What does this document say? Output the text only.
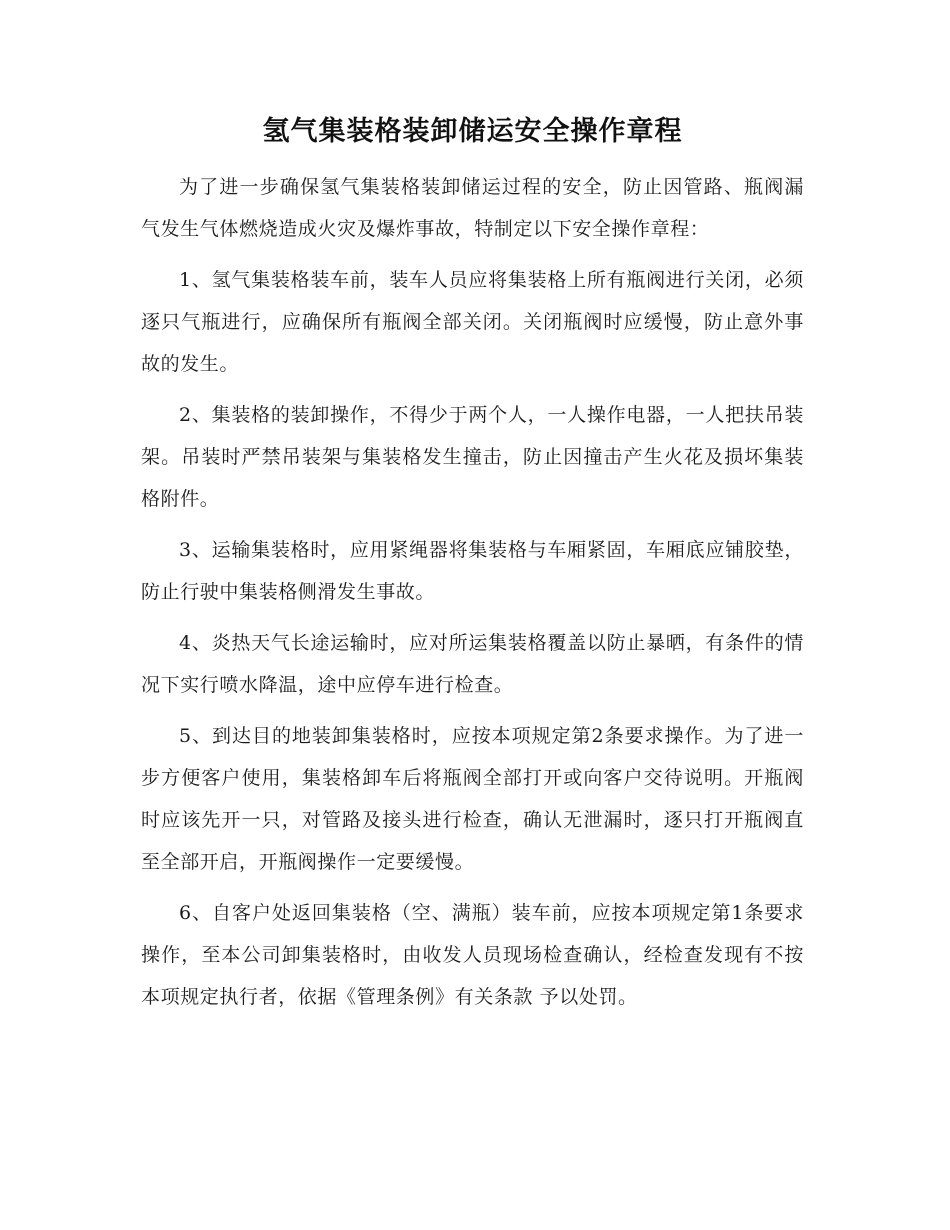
氢气集装格装卸储运安全操作章程

为了进一步确保氢气集装格装卸储运过程的安全，防止因管路、瓶阀漏气发生气体燃烧造成火灾及爆炸事故，特制定以下安全操作章程：

1、氢气集装格装车前，装车人员应将集装格上所有瓶阀进行关闭，必须逐只气瓶进行，应确保所有瓶阀全部关闭。关闭瓶阀时应缓慢，防止意外事故的发生。

2、集装格的装卸操作，不得少于两个人，一人操作电器，一人把扶吊装架。吊装时严禁吊装架与集装格发生撞击，防止因撞击产生火花及损坏集装格附件。

3、运输集装格时，应用紧绳器将集装格与车厢紧固，车厢底应铺胶垫，防止行驶中集装格侧滑发生事故。

4、炎热天气长途运输时，应对所运集装格覆盖以防止暴晒，有条件的情况下实行喷水降温，途中应停车进行检查。

5、到达目的地装卸集装格时，应按本项规定第2条要求操作。为了进一步方便客户使用，集装格卸车后将瓶阀全部打开或向客户交待说明。开瓶阀时应该先开一只，对管路及接头进行检查，确认无泄漏时，逐只打开瓶阀直至全部开启，开瓶阀操作一定要缓慢。

6、自客户处返回集装格（空、满瓶）装车前，应按本项规定第1条要求操作，至本公司卸集装格时，由收发人员现场检查确认，经检查发现有不按本项规定执行者，依据《管理条例》有关条款 予以处罚。
